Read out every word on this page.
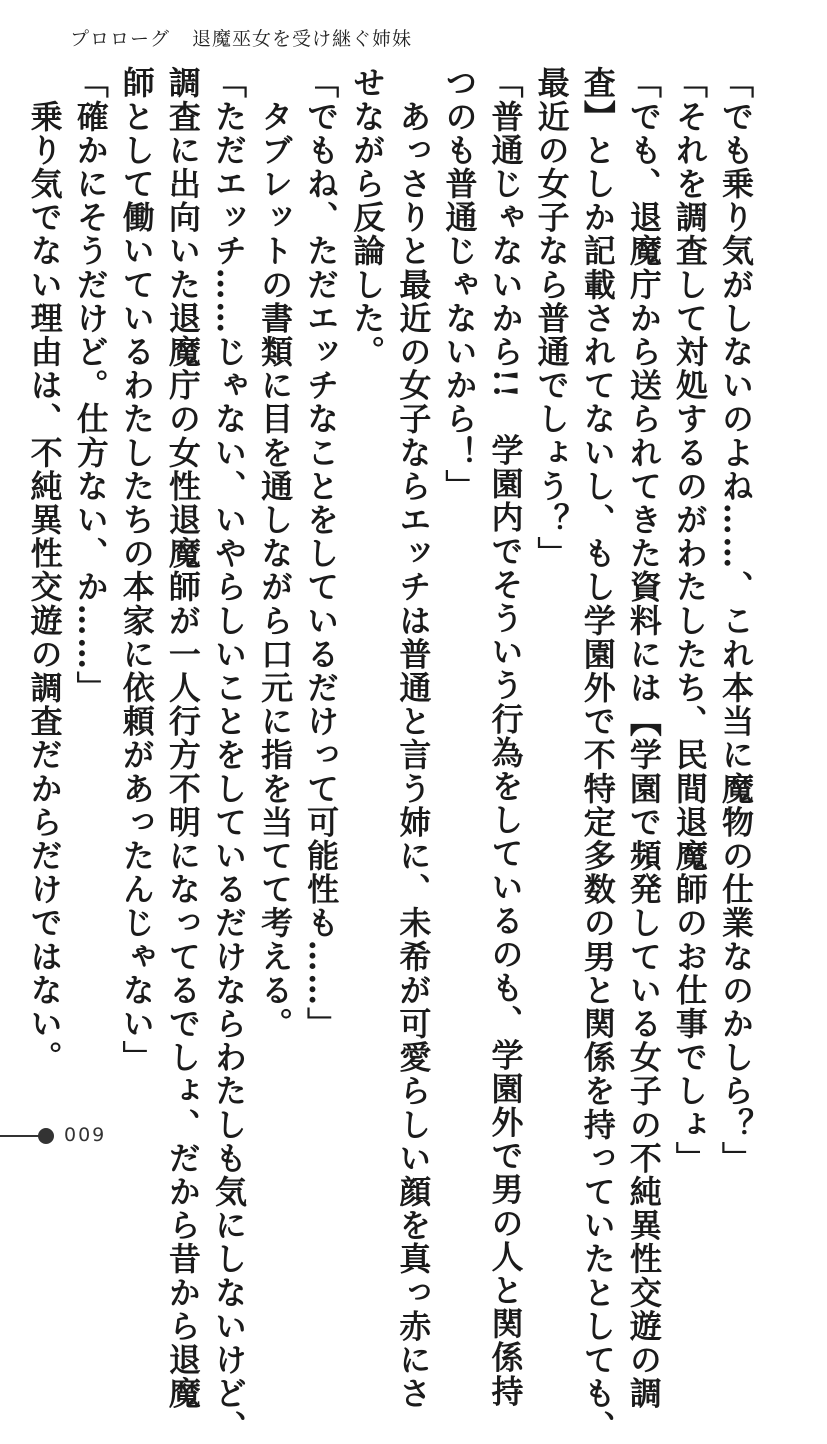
プロローグ 退魔巫女を受け継ぐ姉妹
「でも乗り気がしないのよね……、これ本当に魔物の仕業なのかしら？」
「それを調査して対処するのがわたしたち、民間退魔師のお仕事でしょ」
「でも、退魔庁から送られてきた資料には【学園で頻発している女子の不純異性交遊の調
査】としか記載されてないし、もし学園外で不特定多数の男と関係を持っていたとしても、
最近の女子なら普通でしょう？」
「普通じゃないから!!　学園内でそういう行為をしているのも、学園外で男の人と関係持
つのも普通じゃないから！」
　あっさりと最近の女子ならエッチは普通と言う姉に、未希が可愛らしい顔を真っ赤にさ
せながら反論した。
「でもね、ただエッチなことをしているだけって可能性も……」
　タブレットの書類に目を通しながら口元に指を当てて考える。
「ただエッチ……じゃない、いやらしいことをしているだけならわたしも気にしないけど、
調査に出向いた退魔庁の女性退魔師が一人行方不明になってるでしょ、だから昔から退魔
師として働いているわたしたちの本家に依頼があったんじゃない」
「確かにそうだけど。仕方ない、か……」
　乗り気でない理由は、不純異性交遊の調査だからだけではない。
009
